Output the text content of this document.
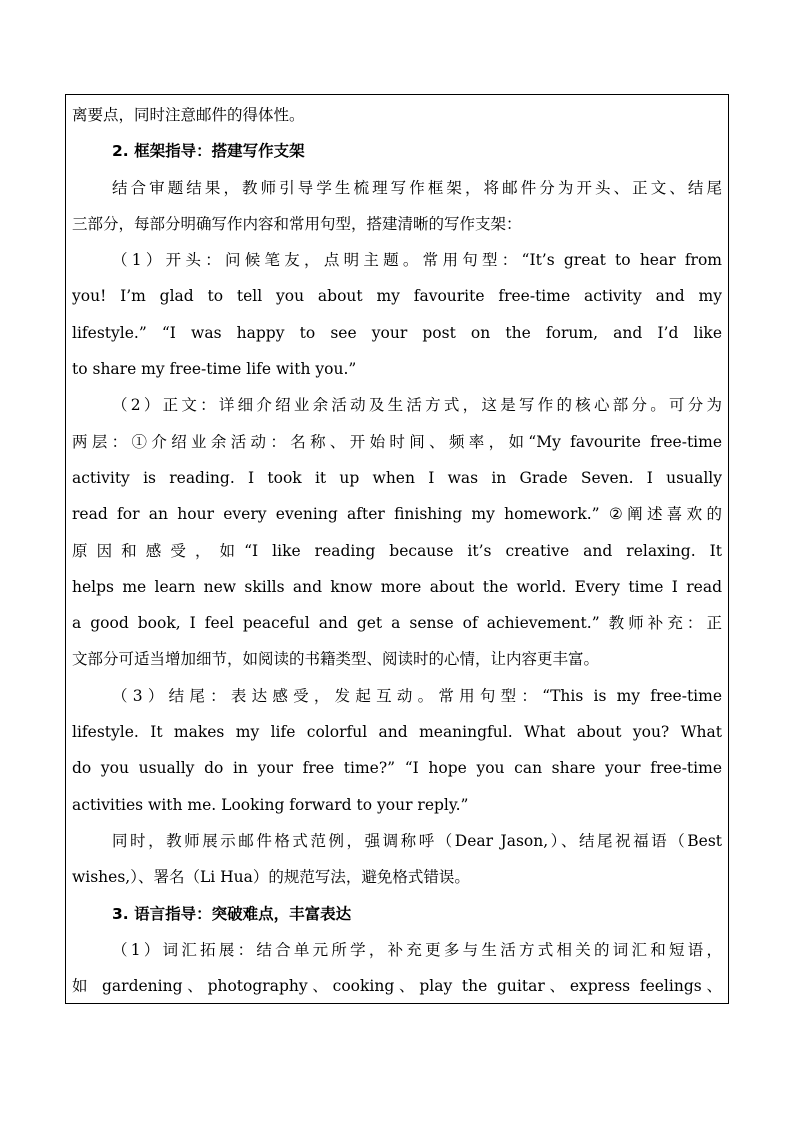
离要点，同时注意邮件的得体性。
2. 框架指导：搭建写作支架
结合审题结果，教师引导学生梳理写作框架，将邮件分为开头、正文、结尾
三部分，每部分明确写作内容和常用句型，搭建清晰的写作支架：
（1）开头：问候笔友，点明主题。常用句型：“It’s great to hear from
you! I’m glad to tell you about my favourite free-time activity and my
lifestyle.” “I was happy to see your post on the forum, and I’d like
to share my free-time life with you.”
（2）正文：详细介绍业余活动及生活方式，这是写作的核心部分。可分为
两层：①介绍业余活动：名称、开始时间、频率，如“My favourite free-time
activity is reading. I took it up when I was in Grade Seven. I usually
read for an hour every evening after finishing my homework.” ②阐述喜欢的
原因和感受，如“I like reading because it’s creative and relaxing. It
helps me learn new skills and know more about the world. Every time I read
a good book, I feel peaceful and get a sense of achievement.” 教师补充：正
文部分可适当增加细节，如阅读的书籍类型、阅读时的心情，让内容更丰富。
（3）结尾：表达感受，发起互动。常用句型：“This is my free-time
lifestyle. It makes my life colorful and meaningful. What about you? What
do you usually do in your free time?” “I hope you can share your free-time
activities with me. Looking forward to your reply.”
同时，教师展示邮件格式范例，强调称呼（Dear Jason,）、结尾祝福语（Best
wishes,）、署名（Li Hua）的规范写法，避免格式错误。
3. 语言指导：突破难点，丰富表达
（1）词汇拓展：结合单元所学，补充更多与生活方式相关的词汇和短语，
如 gardening、photography、cooking、play the guitar、express feelings、
